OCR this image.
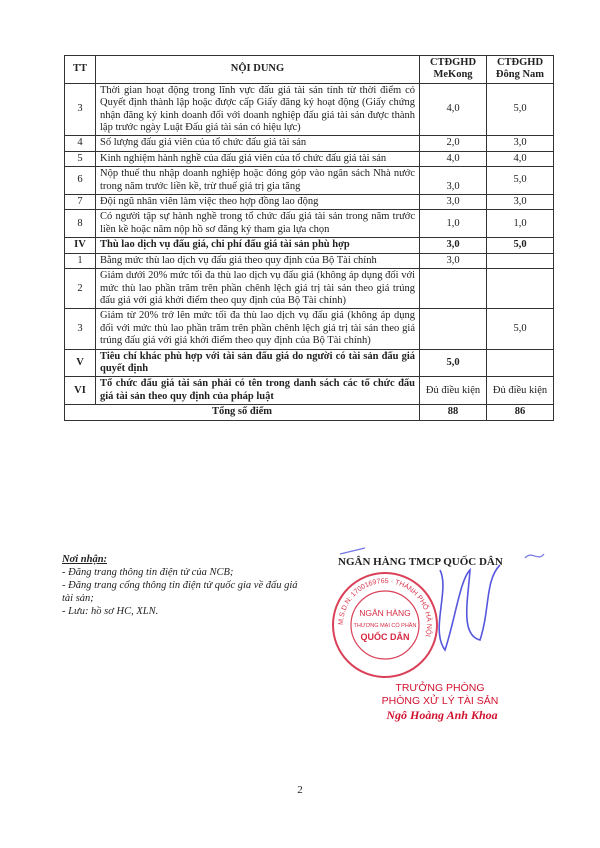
TT	NỘI DUNG	CTĐGHD MeKong	CTĐGHD Đông Nam
3	Thời gian hoạt động trong lĩnh vực đấu giá tài sản tính từ thời điểm có Quyết định thành lập hoặc được cấp Giấy đăng ký hoạt động (Giấy chứng nhận đăng ký kinh doanh đối với doanh nghiệp đấu giá tài sản được thành lập trước ngày Luật Đấu giá tài sản có hiệu lực)	4,0	5,0
4	Số lượng đấu giá viên của tổ chức đấu giá tài sản	2,0	3,0
5	Kinh nghiệm hành nghề của đấu giá viên của tổ chức đấu giá tài sản	4,0	4,0
6	Nộp thuế thu nhập doanh nghiệp hoặc đóng góp vào ngân sách Nhà nước trong năm trước liền kề, trừ thuế giá trị gia tăng	3,0	5,0
7	Đội ngũ nhân viên làm việc theo hợp đồng lao động	3,0	3,0
8	Có người tập sự hành nghề trong tổ chức đấu giá tài sản trong năm trước liền kề hoặc năm nộp hồ sơ đăng ký tham gia lựa chọn	1,0	1,0
IV	Thù lao dịch vụ đấu giá, chi phí đấu giá tài sản phù hợp	3,0	5,0
1	Bằng mức thù lao dịch vụ đấu giá theo quy định của Bộ Tài chính	3,0	
2	Giảm dưới 20% mức tối đa thù lao dịch vụ đấu giá (không áp dụng đối với mức thù lao phần trăm trên phần chênh lệch giá trị tài sản theo giá trúng đấu giá với giá khởi điểm theo quy định của Bộ Tài chính)		
3	Giảm từ 20% trở lên mức tối đa thù lao dịch vụ đấu giá (không áp dụng đối với mức thù lao phần trăm trên phần chênh lệch giá trị tài sản theo giá trúng đấu giá với giá khởi điểm theo quy định của Bộ Tài chính)		5,0
V	Tiêu chí khác phù hợp với tài sản đấu giá do người có tài sản đấu giá quyết định	5,0	
VI	Tổ chức đấu giá tài sản phải có tên trong danh sách các tổ chức đấu giá tài sản theo quy định của pháp luật	Đủ điều kiện	Đủ điều kiện
Tổng số điểm		88	86
Nơi nhận:
- Đăng trang thông tin điện tử của NCB;
- Đăng trang cổng thông tin điện tử quốc gia về đấu giá tài sản;
- Lưu: hồ sơ HC, XLN.
NGÂN HÀNG TMCP QUỐC DÂN
M.S.D.N: 1700169765 · THÀNH PHỐ HÀ NỘI
NGÂN HÀNG
THƯƠNG MẠI CỔ PHẦN
QUỐC DÂN
TRƯỞNG PHÒNG
PHÒNG XỬ LÝ TÀI SẢN
Ngô Hoàng Anh Khoa
2
